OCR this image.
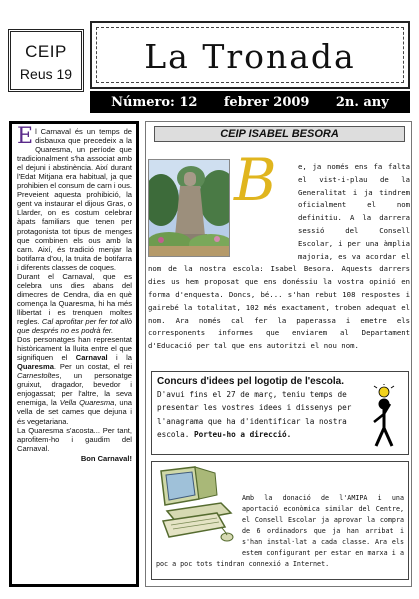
CEIP
Reus 19	La Tronada
Número: 12 febrer 2009 2n. any

El Carnaval és un temps de disbauxa que precedeix a la Quaresma, un període que tradicionalment s'ha associat amb el dejuni i abstinència. Així durant l'Edat Mitjana era habitual, ja que prohibien el consum de carn i ous.

Preveient aquesta prohibició, la gent va instaurar el dijous Gras, o Llarder, on es costum celebrar àpats familiars que tenen per protagonista tot tipus de menges que combinen els ous amb la carn. Així, és tradició menjar la botifarra d'ou, la truita de botifarra i diferents classes de coques.

Durant el Carnaval, que es celebra uns dies abans del dimecres de Cendra, dia en què comença la Quaresma, hi ha més llibertat i es trenquen moltes regles. Cal aprofitar per fer tot allò que després no es podrà fer.

Dos personatges han representat històricament la lluita entre el que signifiquen el Carnaval i la Quaresma. Per un costat, el rei Carnestoltes, un personatge gruixut, dragador, bevedor i enjogassat; per l'altre, la seva enemiga, la Vella Quaresma, una vella de set cames que dejuna i és vegetariana.

La Quaresma s'acosta... Per tant, aprofitem-ho i gaudim del Carnaval.

Bon Carnaval!

CEIP ISABEL BESORA
e, ja només ens fa falta el vist-i-plau de la Generalitat i ja tindrem oficialment el nom definitiu. A la darrera sessió del Consell Escolar, i per una àmplia majoria, es va acordar el nom de la nostra escola: Isabel Besora. Aquests darrers dies us hem proposat que ens donéssiu la vostra opinió en forma d'enquesta. Doncs, bé... s'han rebut 108 respostes i gairebé la totalitat, 102 més exactament, troben adequat el nom. Ara només cal fer la paperassa i emetre els corresponents informes que enviarem al Departament d'Educació per tal que ens autoritzi el nou nom.
B
Concurs d'idees pel logotip de l'escola.
D'avui fins el 27 de març, teniu temps de presentar les vostres idees i dissenys per l'anagrama que ha d'identificar la nostra escola. Porteu-ho a direcció.
Amb la donació de l'AMIPA i una aportació econòmica similar del Centre, el Consell Escolar ja aprovar la compra de 6 ordinadors que ja han arribat i s'han instal·lat a cada classe. Ara els estem configurant per estar en marxa i a poc a poc tots tindran connexió a Internet.
